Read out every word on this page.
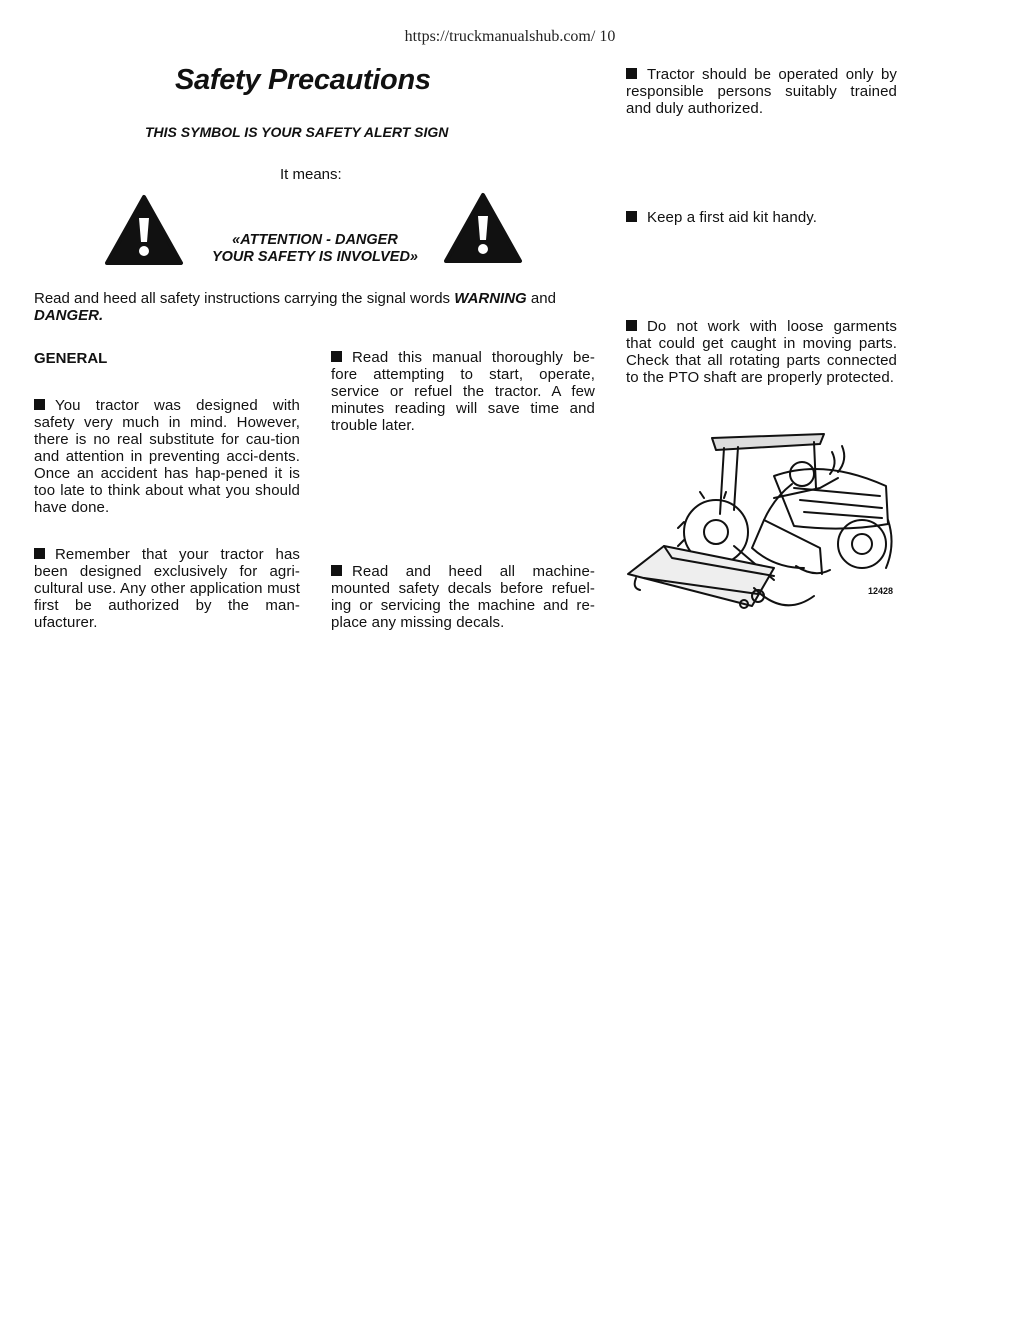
https://truckmanualshub.com/ 10
Safety Precautions
THIS SYMBOL IS YOUR SAFETY ALERT SIGN
It means:
«ATTENTION - DANGER
YOUR SAFETY IS INVOLVED»
Read and heed all safety instructions carrying the signal words WARNING and
DANGER.
GENERAL
You tractor was designed with safety very much in mind. However, there is no real substitute for cau-tion and attention in preventing acci-dents. Once an accident has hap-pened it is too late to think about what you should have done.
Remember that your tractor has been designed exclusively for agri-cultural use. Any other application must first be authorized by the man-ufacturer.
Read this manual thoroughly be-fore attempting to start, operate, service or refuel the tractor. A few minutes reading will save time and trouble later.
Read and heed all machine-mounted safety decals before refuel-ing or servicing the machine and re-place any missing decals.
Tractor should be operated only by responsible persons suitably trained and duly authorized.
Keep a first aid kit handy.
Do not work with loose garments that could get caught in moving parts. Check that all rotating parts connected to the PTO shaft are properly protected.
12428
